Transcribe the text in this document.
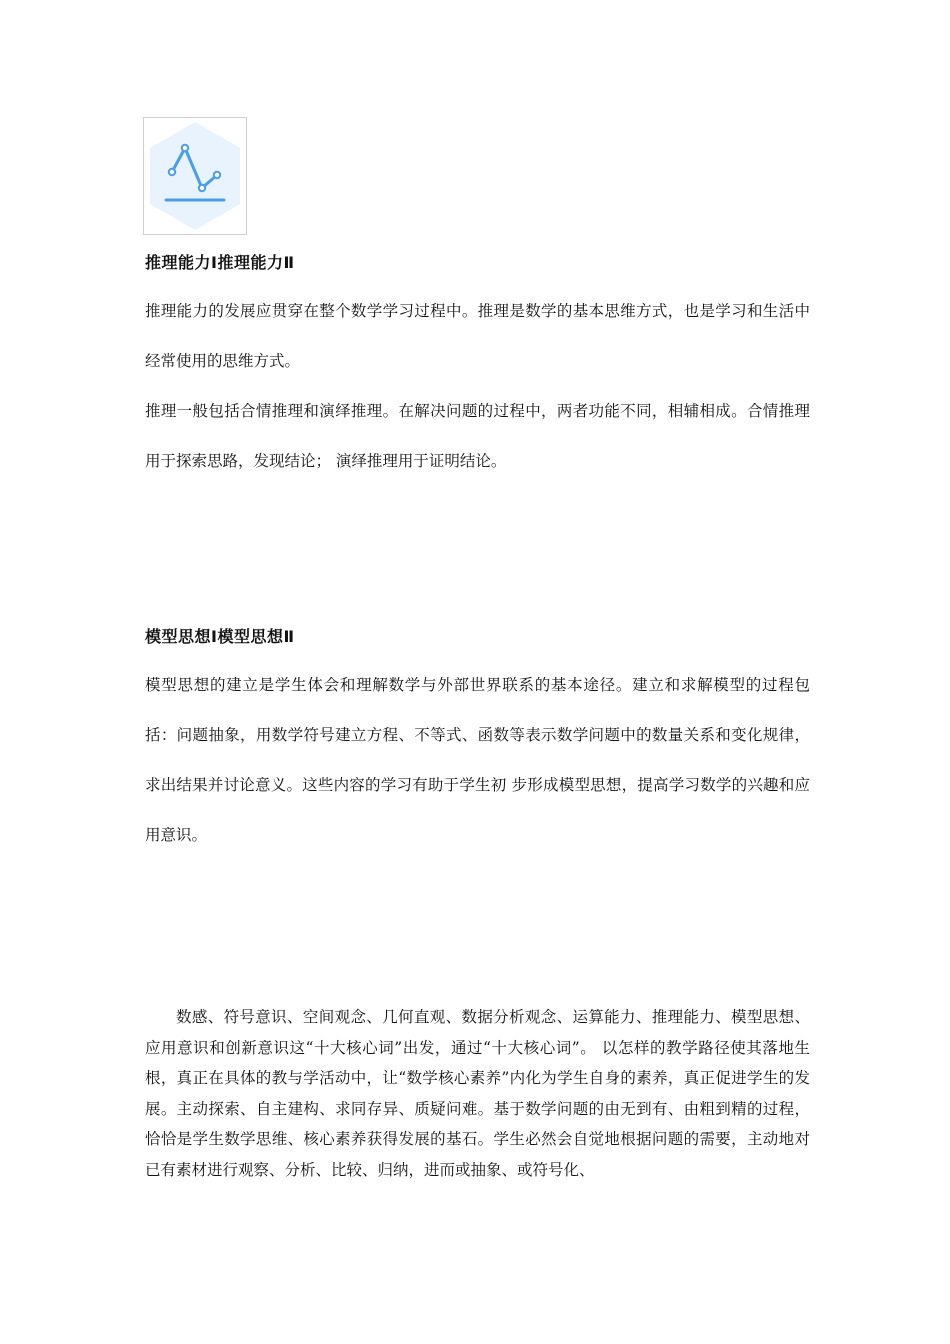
推理能力Ⅰ推理能力Ⅱ

推理能力的发展应贯穿在整个数学学习过程中。推理是数学的基本思维方式，也是学习和生活中经常使用的思维方式。

推理一般包括合情推理和演绎推理。在解决问题的过程中，两者功能不同，相辅相成。合情推理用于探索思路，发现结论； 演绎推理用于证明结论。

模型思想Ⅰ模型思想Ⅱ

模型思想的建立是学生体会和理解数学与外部世界联系的基本途径。建立和求解模型的过程包括：问题抽象，用数学符号建立方程、不等式、函数等表示数学问题中的数量关系和变化规律，求出结果并讨论意义。这些内容的学习有助于学生初 步形成模型思想，提高学习数学的兴趣和应用意识。

数感、符号意识、空间观念、几何直观、数据分析观念、运算能力、推理能力、模型思想、应用意识和创新意识这“十大核心词”出发，通过“十大核心词”。 以怎样的教学路径使其落地生根，真正在具体的教与学活动中，让“数学核心素养”内化为学生自身的素养，真正促进学生的发展。主动探索、自主建构、求同存异、质疑问难。基于数学问题的由无到有、由粗到精的过程，恰恰是学生数学思维、核心素养获得发展的基石。学生必然会自觉地根据问题的需要，主动地对已有素材进行观察、分析、比较、归纳，进而或抽象、或符号化、
